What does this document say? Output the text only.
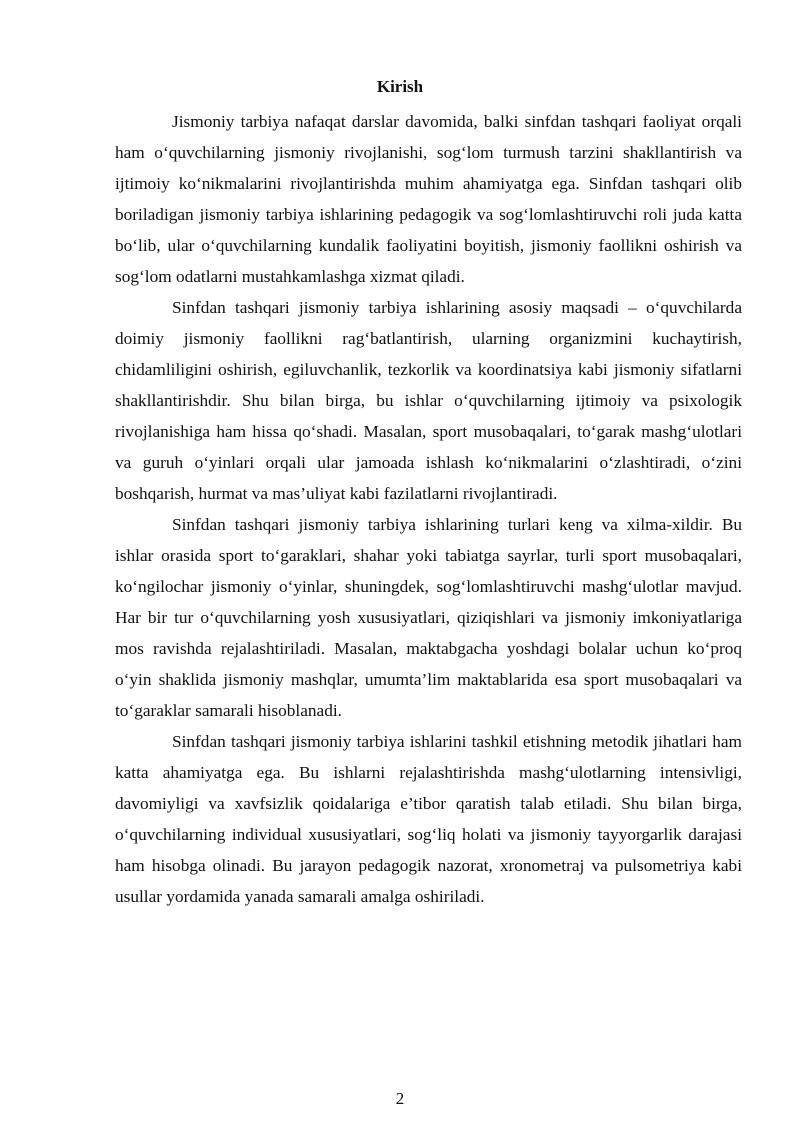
Kirish

Jismoniy tarbiya nafaqat darslar davomida, balki sinfdan tashqari faoliyat orqali ham o‘quvchilarning jismoniy rivojlanishi, sog‘lom turmush tarzini shakllantirish va ijtimoiy ko‘nikmalarini rivojlantirishda muhim ahamiyatga ega. Sinfdan tashqari olib boriladigan jismoniy tarbiya ishlarining pedagogik va sog‘lomlashtiruvchi roli juda katta bo‘lib, ular o‘quvchilarning kundalik faoliyatini boyitish, jismoniy faollikni oshirish va sog‘lom odatlarni mustahkamlashga xizmat qiladi.

Sinfdan tashqari jismoniy tarbiya ishlarining asosiy maqsadi – o‘quvchilarda doimiy jismoniy faollikni rag‘batlantirish, ularning organizmini kuchaytirish, chidamliligini oshirish, egiluvchanlik, tezkorlik va koordinatsiya kabi jismoniy sifatlarni shakllantirishdir. Shu bilan birga, bu ishlar o‘quvchilarning ijtimoiy va psixologik rivojlanishiga ham hissa qo‘shadi. Masalan, sport musobaqalari, to‘garak mashg‘ulotlari va guruh o‘yinlari orqali ular jamoada ishlash ko‘nikmalarini o‘zlashtiradi, o‘zini boshqarish, hurmat va mas’uliyat kabi fazilatlarni rivojlantiradi.

Sinfdan tashqari jismoniy tarbiya ishlarining turlari keng va xilma-xildir. Bu ishlar orasida sport to‘garaklari, shahar yoki tabiatga sayrlar, turli sport musobaqalari, ko‘ngilochar jismoniy o‘yinlar, shuningdek, sog‘lomlashtiruvchi mashg‘ulotlar mavjud. Har bir tur o‘quvchilarning yosh xususiyatlari, qiziqishlari va jismoniy imkoniyatlariga mos ravishda rejalashtiriladi. Masalan, maktabgacha yoshdagi bolalar uchun ko‘proq o‘yin shaklida jismoniy mashqlar, umumta’lim maktablarida esa sport musobaqalari va to‘garaklar samarali hisoblanadi.

Sinfdan tashqari jismoniy tarbiya ishlarini tashkil etishning metodik jihatlari ham katta ahamiyatga ega. Bu ishlarni rejalashtirishda mashg‘ulotlarning intensivligi, davomiyligi va xavfsizlik qoidalariga e’tibor qaratish talab etiladi. Shu bilan birga, o‘quvchilarning individual xususiyatlari, sog‘liq holati va jismoniy tayyorgarlik darajasi ham hisobga olinadi. Bu jarayon pedagogik nazorat, xronometraj va pulsometriya kabi usullar yordamida yanada samarali amalga oshiriladi.

2
